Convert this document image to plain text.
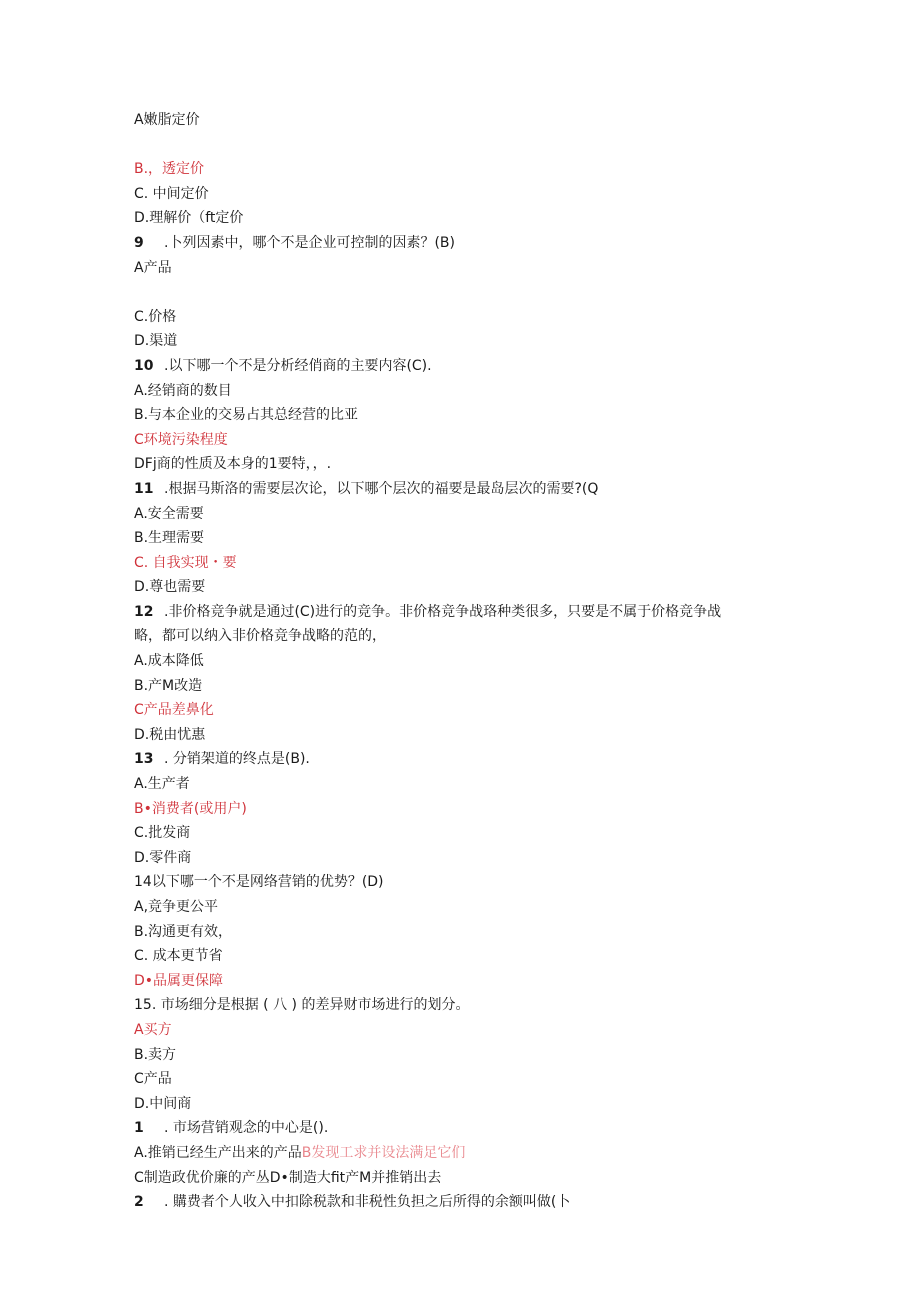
A嫩脂定价
B.，透定价
C. 中间定价
D.理解价（ft定价
9 .卜列因素中，哪个不是企业可控制的因素？(B)
A产品
C.价格
D.渠道
10 .以下哪一个不是分析经俏商的主要内容(C).
A.经销商的数目
B.与本企业的交易占其总经营的比亚
C环境污染程度
DFj商的性质及本身的1要特，，.
11 .根据马斯洛的需要层次论，以下哪个层次的福要是最岛层次的需要?(Q
A.安全需要
B.生理需要
C. 自我实现・要
D.尊也需要
12 .非价格竞争就是通过(C)进行的竞争。非价格竞争战珞种类很多，只要是不属于价格竞争战
略，都可以纳入非价格竞争战略的范的，
A.成本降低
B.产M改造
C产品差鼻化
D.税由忧惠
13 . 分销架道的终点是(B).
A.生产者
B•消费者(或用户)
C.批发商
D.零件商
14以下哪一个不是网络营销的优势？(D)
A,竞争更公平
B.沟通更有效，
C. 成本更节省
D•品属更保障
15. 市场细分是根据 ( 八 ) 的差异财市场进行的划分。
A买方
B.卖方
C产品
D.中间商
1 . 市场营销观念的中心是().
A.推销已经生产出来的产品B发现工求并设法满足它们
C制造政优价廉的产丛D•制造大fit产M并推销出去
2 . 購费者个人收入中扣除税款和非税性负担之后所得的余额叫做(卜
